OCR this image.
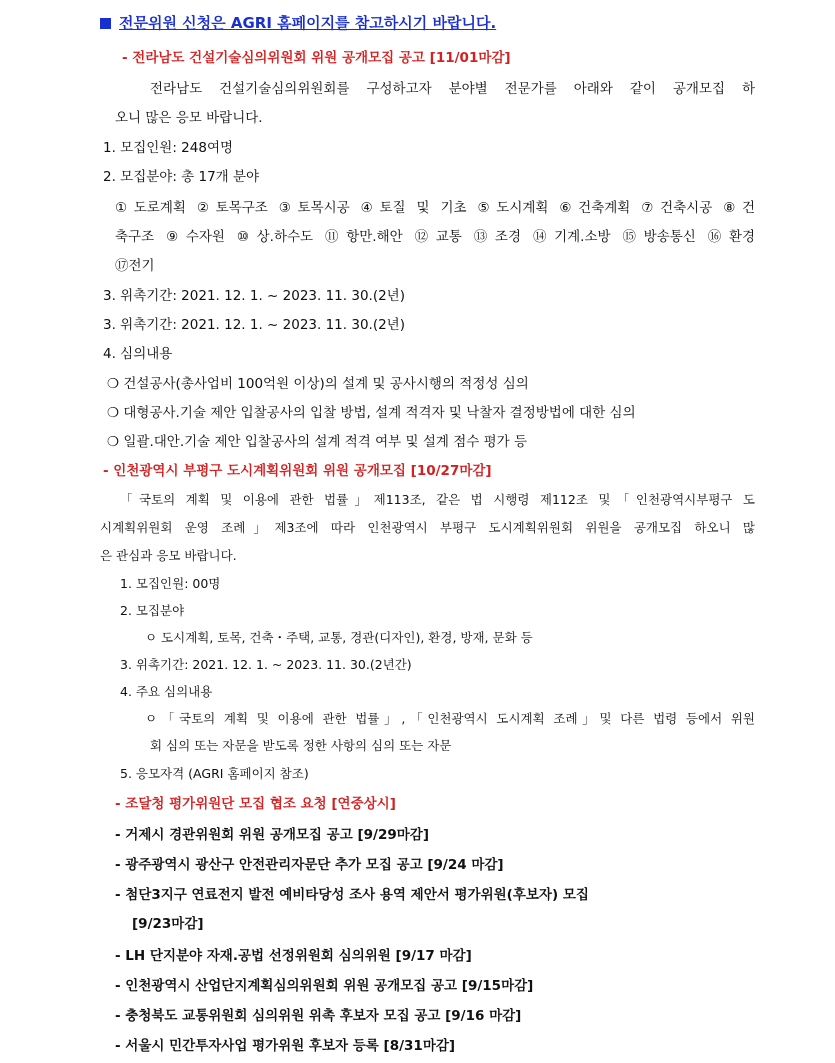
전문위원 신청은 AGRI 홈페이지를 참고하시기 바랍니다.
- 전라남도 건설기술심의위원회 위원 공개모집 공고 [11/01마감]
전라남도 건설기술심의위원회를 구성하고자 분야별 전문가를 아래와 같이 공개모집 하
오니 많은 응모 바랍니다.
1. 모집인원: 248여명
2. 모집분야: 총 17개 분야
①도로계획 ②토목구조 ③토목시공 ④토질 및 기초 ⑤도시계획 ⑥건축계획 ⑦건축시공 ⑧건
축구조 ⑨수자원 ⑩상.하수도 ⑪항만.해안 ⑫교통 ⑬조경 ⑭기계.소방 ⑮방송통신 ⑯환경
⑰전기
3. 위촉기간: 2021. 12. 1. ~ 2023. 11. 30.(2년)
3. 위촉기간: 2021. 12. 1. ~ 2023. 11. 30.(2년)
4. 심의내용
❍ 건설공사(총사업비 100억원 이상)의 설계 및 공사시행의 적정성 심의
❍ 대형공사.기술 제안 입찰공사의 입찰 방법, 설계 적격자 및 낙찰자 결정방법에 대한 심의
❍ 일괄.대안.기술 제안 입찰공사의 설계 적격 여부 및 설계 점수 평가 등
- 인천광역시 부평구 도시계획위원회 위원 공개모집 [10/27마감]
「국토의 계획 및 이용에 관한 법률」제113조, 같은 법 시행령 제112조 및「인천광역시부평구 도
시계획위원회 운영 조례」제3조에 따라 인천광역시 부평구 도시계획위원회 위원을 공개모집 하오니 많
은 관심과 응모 바랍니다.
1. 모집인원: 00명
2. 모집분야
ㅇ 도시계획, 토목, 건축・주택, 교통, 경관(디자인), 환경, 방재, 문화 등
3. 위촉기간: 2021. 12. 1. ~ 2023. 11. 30.(2년간)
4. 주요 심의내용
ㅇ「국토의 계획 및 이용에 관한 법률」,「인천광역시 도시계획 조례」및 다른 법령 등에서 위원
회 심의 또는 자문을 받도록 정한 사항의 심의 또는 자문
5. 응모자격 (AGRI 홈페이지 참조)
- 조달청 평가위원단 모집 협조 요청 [연중상시]
- 거제시 경관위원회 위원 공개모집 공고 [9/29마감]
- 광주광역시 광산구 안전관리자문단 추가 모집 공고 [9/24 마감]
- 첨단3지구 연료전지 발전 예비타당성 조사 용역 제안서 평가위원(후보자) 모집
[9/23마감]
- LH 단지분야 자재.공법 선정위원회 심의위원 [9/17 마감]
- 인천광역시 산업단지계획심의위원회 위원 공개모집 공고 [9/15마감]
- 충청북도 교통위원회 심의위원 위촉 후보자 모집 공고 [9/16 마감]
- 서울시 민간투자사업 평가위원 후보자 등록 [8/31마감]
